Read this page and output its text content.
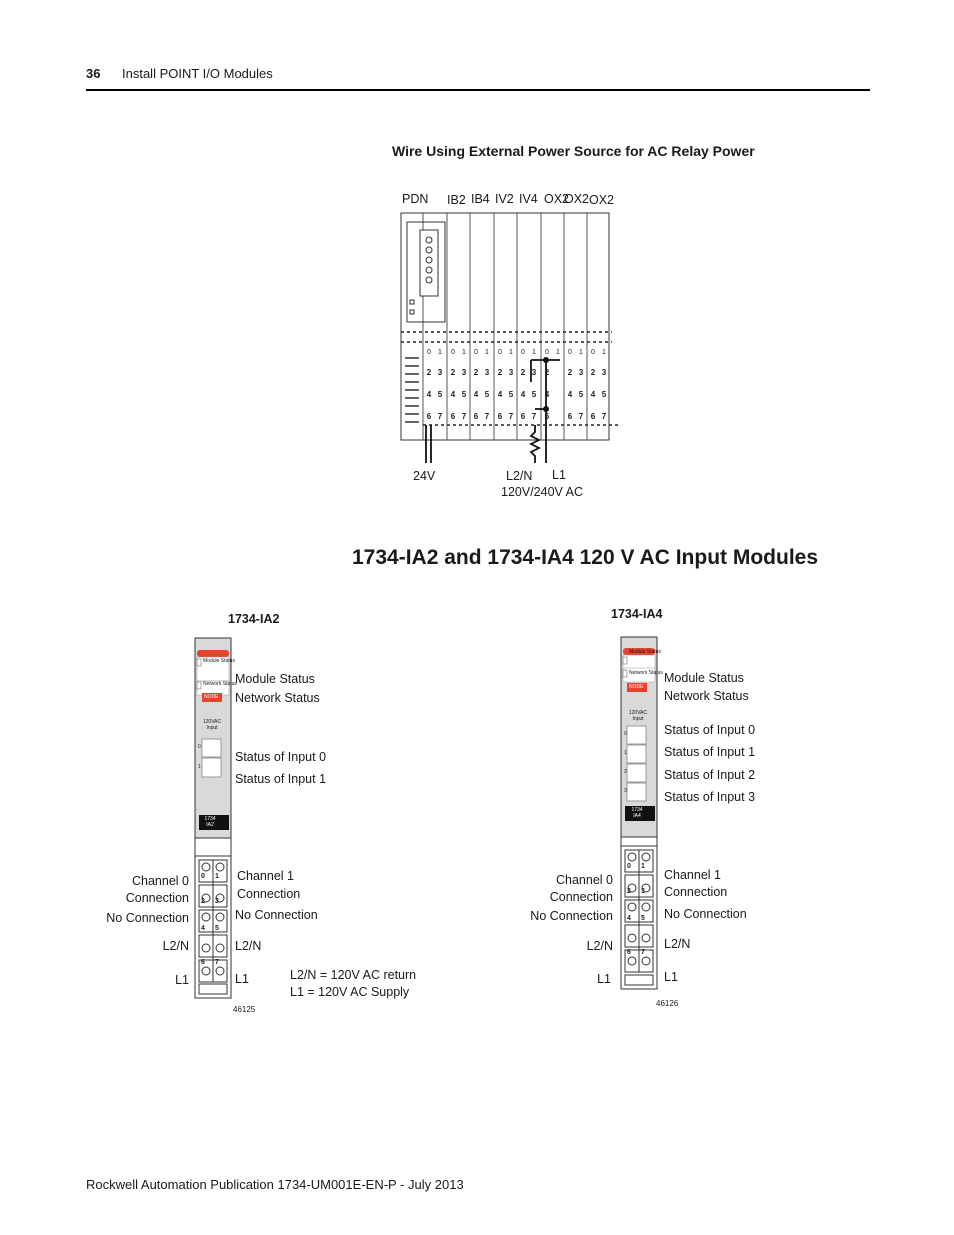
36 Install POINT I/O Modules
Wire Using External Power Source for AC Relay Power
0 1 0 1 0 1 0 1 0 1 0 1 0 1 0 1
2 3 2 3 2 3 2 3 2 3 2 2 3 2 3
4 5 4 5 4 5 4 5 4 5 4 4 5 4 5
6 7 6 7 6 7 6 7 6 7 6 6 7 6 7
PDN IB2 IB4 IV2 IV4 OX2
OX2 OX2
24V	L2/N L1
120V/240V AC
1734-IA2 and 1734-IA4 120 V AC Input Modules
0 1
2 3
4 5
6 7
0 1
2 3
4 5
6 7
Module Status
Network Status
NODE
120VAC Input
0
1
1734 IA2
Module Status
Network Status
NODE
120VAC Input
0
1
2
3
1734 IA4
1734-IA2
Module Status
Network Status
Status of Input 0
Status of Input 1
Channel 0
Connection
No Connection
L2/N
L1
Channel 1
Connection
No Connection
L2/N
L1	L2/N = 120V AC return
L1 = 120V AC Supply
46125
1734-IA4
Module Status
Network Status
Status of Input 0
Status of Input 1
Status of Input 2
Status of Input 3
Channel 0
Connection
No Connection
L2/N
L1
Channel 1
Connection
No Connection
L2/N
L1
46126
Rockwell Automation Publication 1734-UM001E-EN-P - July 2013
